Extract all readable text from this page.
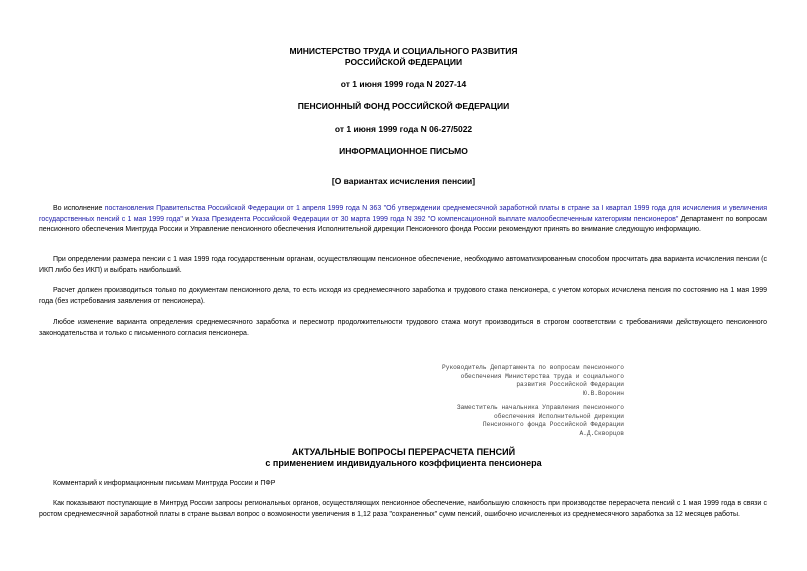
МИНИСТЕРСТВО ТРУДА И СОЦИАЛЬНОГО РАЗВИТИЯ
РОССИЙСКОЙ ФЕДЕРАЦИИ
от 1 июня 1999 года N 2027-14
ПЕНСИОННЫЙ ФОНД РОССИЙСКОЙ ФЕДЕРАЦИИ
от 1 июня 1999 года N 06-27/5022
ИНФОРМАЦИОННОЕ ПИСЬМО
[О вариантах исчисления пенсии]
Во исполнение постановления Правительства Российской Федерации от 1 апреля 1999 года N 363 "Об утверждении среднемесячной заработной платы в стране за I квартал 1999 года для исчисления и увеличения государственных пенсий с 1 мая 1999 года" и Указа Президента Российской Федерации от 30 марта 1999 года N 392 "О компенсационной выплате малообеспеченным категориям пенсионеров" Департамент по вопросам пенсионного обеспечения Минтруда России и Управление пенсионного обеспечения Исполнительной дирекции Пенсионного фонда России рекомендуют принять во внимание следующую информацию.
При определении размера пенсии с 1 мая 1999 года государственным органам, осуществляющим пенсионное обеспечение, необходимо автоматизированным способом просчитать два варианта исчисления пенсии (с ИКП либо без ИКП) и выбрать наибольший.
Расчет должен производиться только по документам пенсионного дела, то есть исходя из среднемесячного заработка и трудового стажа пенсионера, с учетом которых исчислена пенсия по состоянию на 1 мая 1999 года (без истребования заявления от пенсионера).
Любое изменение варианта определения среднемесячного заработка и пересмотр продолжительности трудового стажа могут производиться в строгом соответствии с требованиями действующего пенсионного законодательства и только с письменного согласия пенсионера.
Руководитель Департамента по вопросам пенсионного
обеспечения Министерства труда и социального
развития Российской Федерации
Ю.В.Воронин
Заместитель начальника Управления пенсионного
обеспечения Исполнительной дирекции
Пенсионного фонда Российской Федерации
А.Д.Скворцов
АКТУАЛЬНЫЕ ВОПРОСЫ ПЕРЕРАСЧЕТА ПЕНСИЙ
с применением индивидуального коэффициента пенсионера
Комментарий к информационным письмам Минтруда России и ПФР
Как показывают поступающие в Минтруд России запросы региональных органов, осуществляющих пенсионное обеспечение, наибольшую сложность при производстве перерасчета пенсий с 1 мая 1999 года в связи с ростом среднемесячной заработной платы в стране вызвал вопрос о возможности увеличения в 1,12 раза "сохраненных" сумм пенсий, ошибочно исчисленных из среднемесячного заработка за 12 месяцев работы.
